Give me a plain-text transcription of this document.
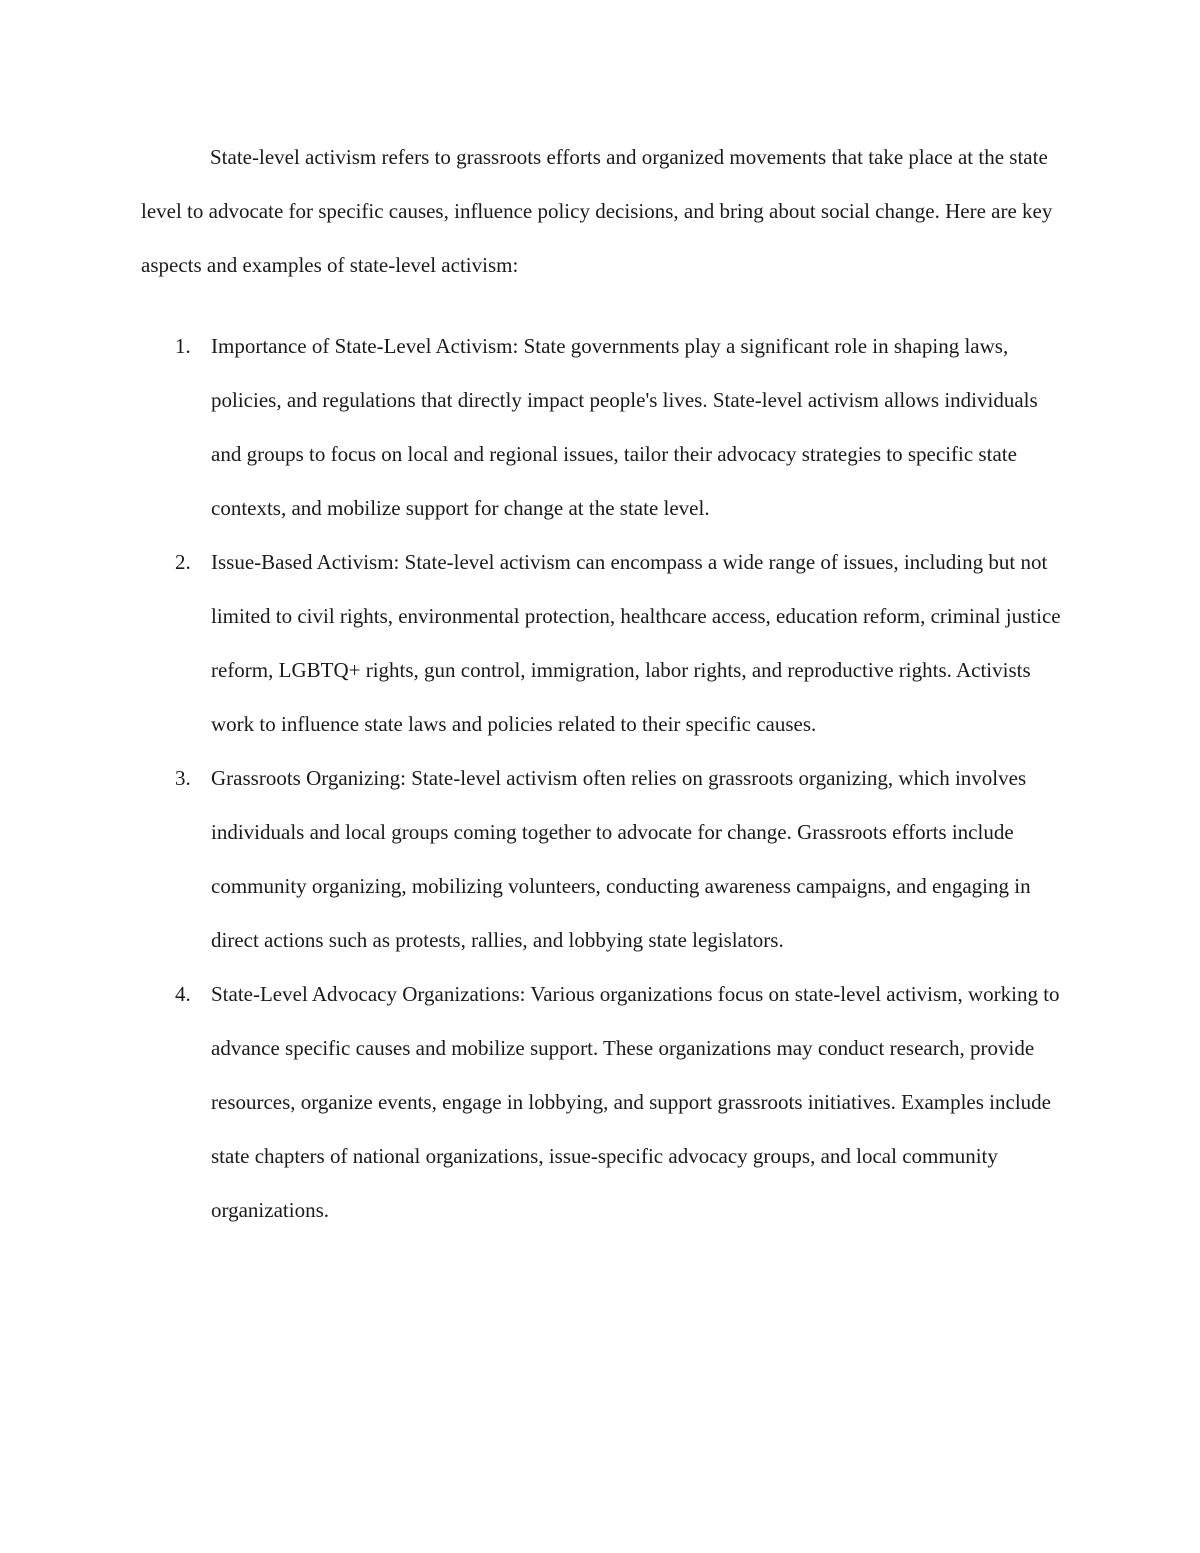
State-level activism refers to grassroots efforts and organized movements that take place at the state level to advocate for specific causes, influence policy decisions, and bring about social change. Here are key aspects and examples of state-level activism:

1. Importance of State-Level Activism: State governments play a significant role in shaping laws, policies, and regulations that directly impact people's lives. State-level activism allows individuals and groups to focus on local and regional issues, tailor their advocacy strategies to specific state contexts, and mobilize support for change at the state level.
2. Issue-Based Activism: State-level activism can encompass a wide range of issues, including but not limited to civil rights, environmental protection, healthcare access, education reform, criminal justice reform, LGBTQ+ rights, gun control, immigration, labor rights, and reproductive rights. Activists work to influence state laws and policies related to their specific causes.
3. Grassroots Organizing: State-level activism often relies on grassroots organizing, which involves individuals and local groups coming together to advocate for change. Grassroots efforts include community organizing, mobilizing volunteers, conducting awareness campaigns, and engaging in direct actions such as protests, rallies, and lobbying state legislators.
4. State-Level Advocacy Organizations: Various organizations focus on state-level activism, working to advance specific causes and mobilize support. These organizations may conduct research, provide resources, organize events, engage in lobbying, and support grassroots initiatives. Examples include state chapters of national organizations, issue-specific advocacy groups, and local community organizations.
